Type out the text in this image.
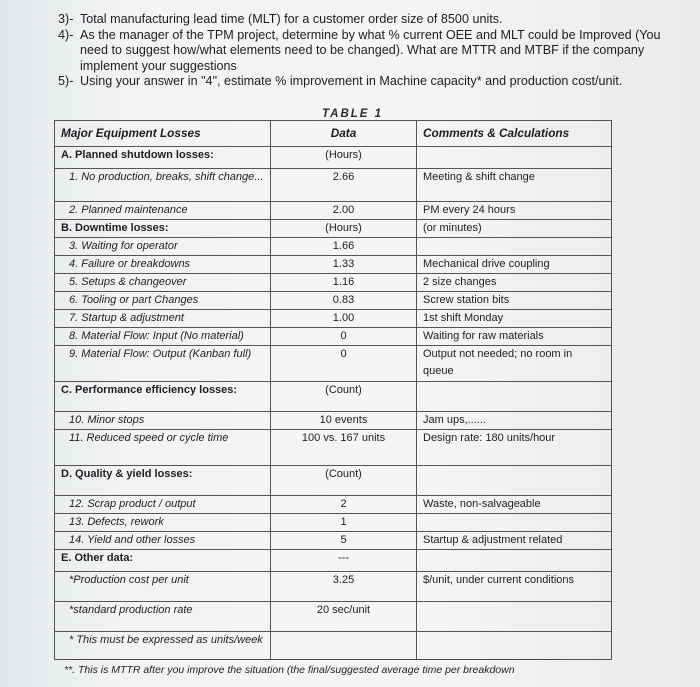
3)- Total manufacturing lead time (MLT) for a customer order size of 8500 units.
4)- As the manager of the TPM project, determine by what % current OEE and MLT could be Improved (You need to suggest how/what elements need to be changed). What are MTTR and MTBF if the company implement your suggestions
5)- Using your answer in "4", estimate % improvement in Machine capacity* and production cost/unit.
TABLE 1
Major Equipment Losses	Data	Comments & Calculations
A. Planned shutdown losses:	(Hours)	
1. No production, breaks, shift change...	2.66	Meeting & shift change
2. Planned maintenance	2.00	PM every 24 hours
B. Downtime losses:	(Hours)	(or minutes)
3. Waiting for operator	1.66	
4. Failure or breakdowns	1.33	Mechanical drive coupling
5. Setups & changeover	1.16	2 size changes
6. Tooling or part Changes	0.83	Screw station bits
7. Startup & adjustment	1.00	1st shift Monday
8. Material Flow: Input (No material)	0	Waiting for raw materials
9. Material Flow: Output (Kanban full)	0	Output not needed; no room in queue
C. Performance efficiency losses:	(Count)	
10. Minor stops	10 events	Jam ups,......
11. Reduced speed or cycle time	100 vs. 167 units	Design rate: 180 units/hour
D. Quality & yield losses:	(Count)	
12. Scrap product / output	2	Waste, non-salvageable
13. Defects, rework	1	
14. Yield and other losses	5	Startup & adjustment related
E. Other data:	---	
*Production cost per unit	3.25	$/unit, under current conditions
*standard production rate	20 sec/unit	
* This must be expressed as units/week		
**. This is MTTR after you improve the situation (the final/suggested average time per breakdown
